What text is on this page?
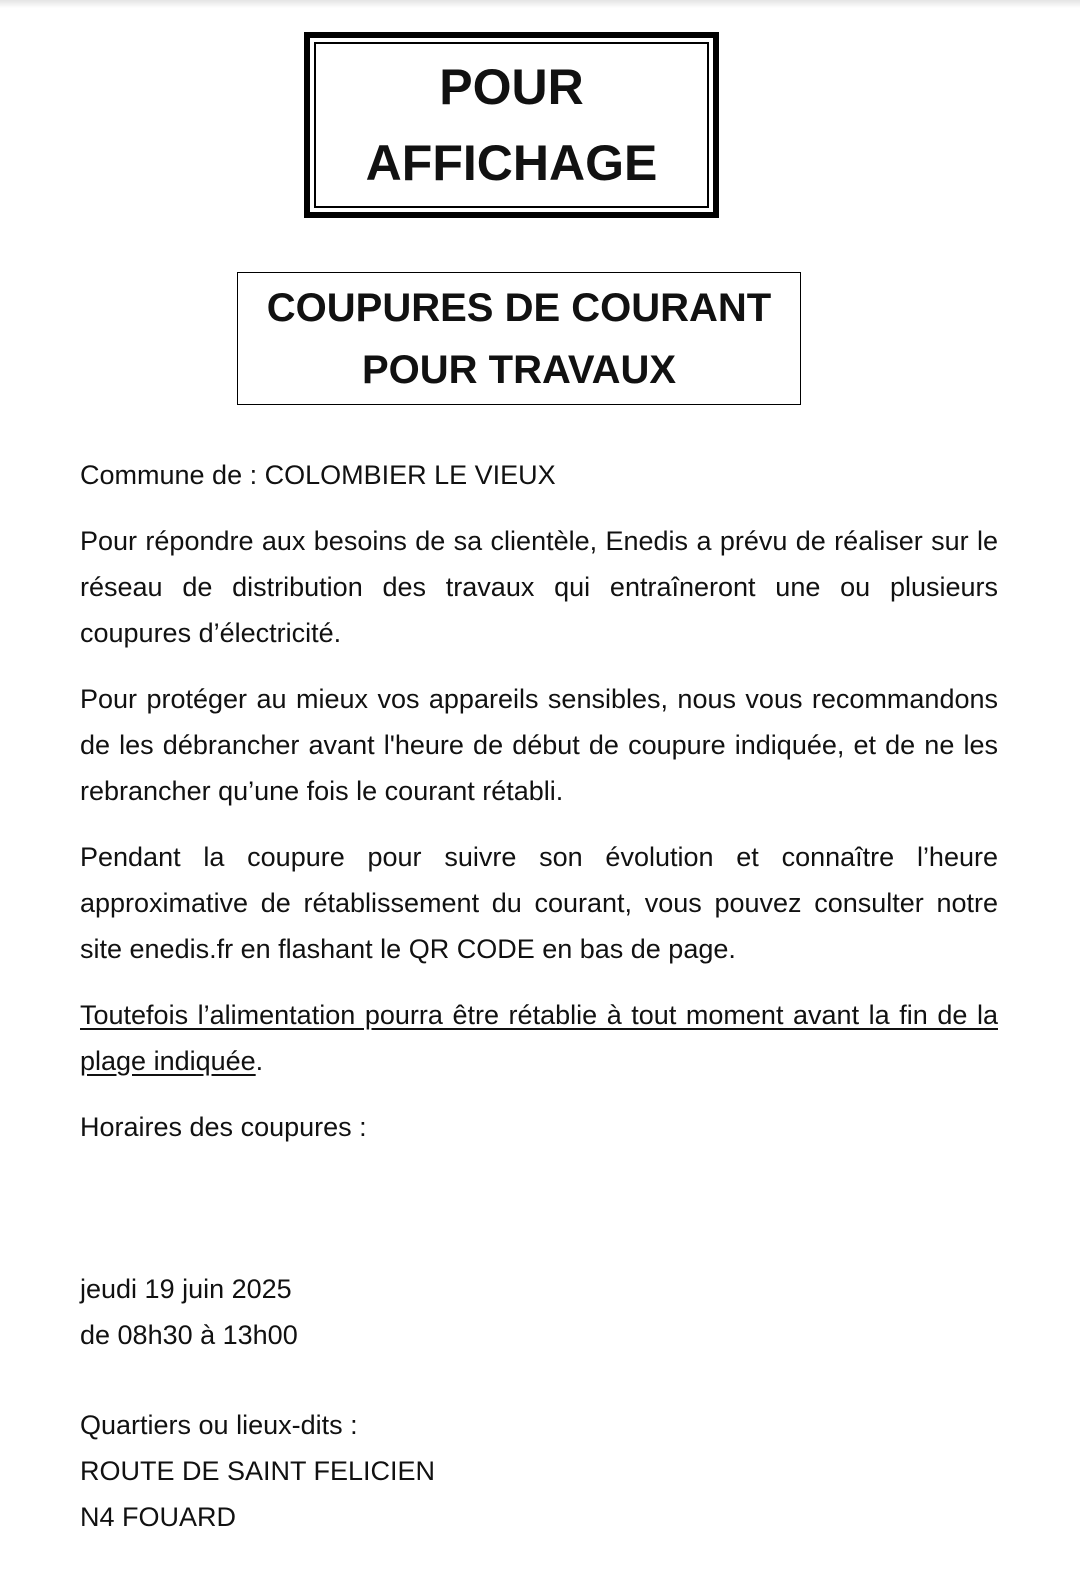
POUR
AFFICHAGE
COUPURES DE COURANT
POUR TRAVAUX

Commune de : COLOMBIER LE VIEUX

Pour répondre aux besoins de sa clientèle, Enedis a prévu de réaliser sur le réseau de distribution des travaux qui entraîneront une ou plusieurs coupures d’électricité.

Pour protéger au mieux vos appareils sensibles, nous vous recommandons de les débrancher avant l'heure de début de coupure indiquée, et de ne les rebrancher qu’une fois le courant rétabli.

Pendant la coupure pour suivre son évolution et connaître l’heure approximative de rétablissement du courant, vous pouvez consulter notre site enedis.fr en flashant le QR CODE en bas de page.

Toutefois l’alimentation pourra être rétablie à tout moment avant la fin de la plage indiquée.

Horaires des coupures :

jeudi 19 juin 2025

de 08h30 à 13h00

Quartiers ou lieux-dits :

ROUTE DE SAINT FELICIEN

N4 FOUARD
